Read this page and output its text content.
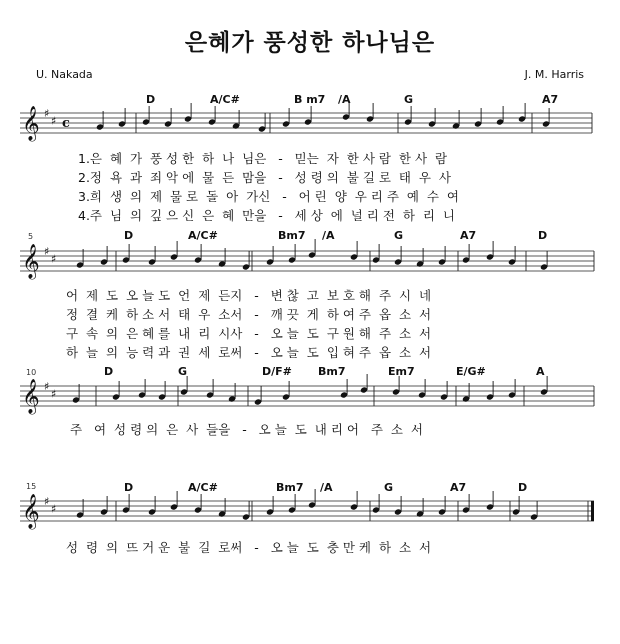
은혜가 풍성한 하나님은
U. Nakada	J. M. Harris
D	A/C#	B m7 /A	G	A7
𝄞 ♯
♯ c
1.은  혜  가  풍 성 한  하  나  님은   -   믿는  자  한 사 람  한 사  람
2.정  욕  과  죄 악 에  물  든  맘을   -   성 령 의  불 길 로  태  우  사
3.희  생  의  제  물 로  돌  아  가신   -   어 린  양  우 리 주  예  수  여
4.주  님  의  깊 으 신  은  혜  만을   -   세 상  에  널 리 전  하  리  니
5	D	A/C#	Bm7 /A	G	A7	D
𝄞 ♯
♯
어  제  도  오 늘 도  언  제  든지   -   변 찮  고  보 호 해  주  시  네
정  결  케  하 소 서  태  우  소서   -   깨 끗  게  하 여 주  옵  소  서
구  속  의  은 혜 를  내  리  시사   -   오 늘  도  구 원 해  주  소  서
하  늘  의  능 력 과  권  세  로써   -   오 늘  도  입 혀 주  옵  소  서
10	D	G	D/F# Bm7	Em7	E/G#	A
𝄞 ♯
♯
주   여  성 령 의  은  사  들을   -   오 늘  도  내 리 어   주  소  서
15	D	A/C#	Bm7 /A	G	A7	D
𝄞 ♯
♯
성  령  의  뜨 거 운  불  길  로써   -   오 늘  도  충 만 케  하  소  서
